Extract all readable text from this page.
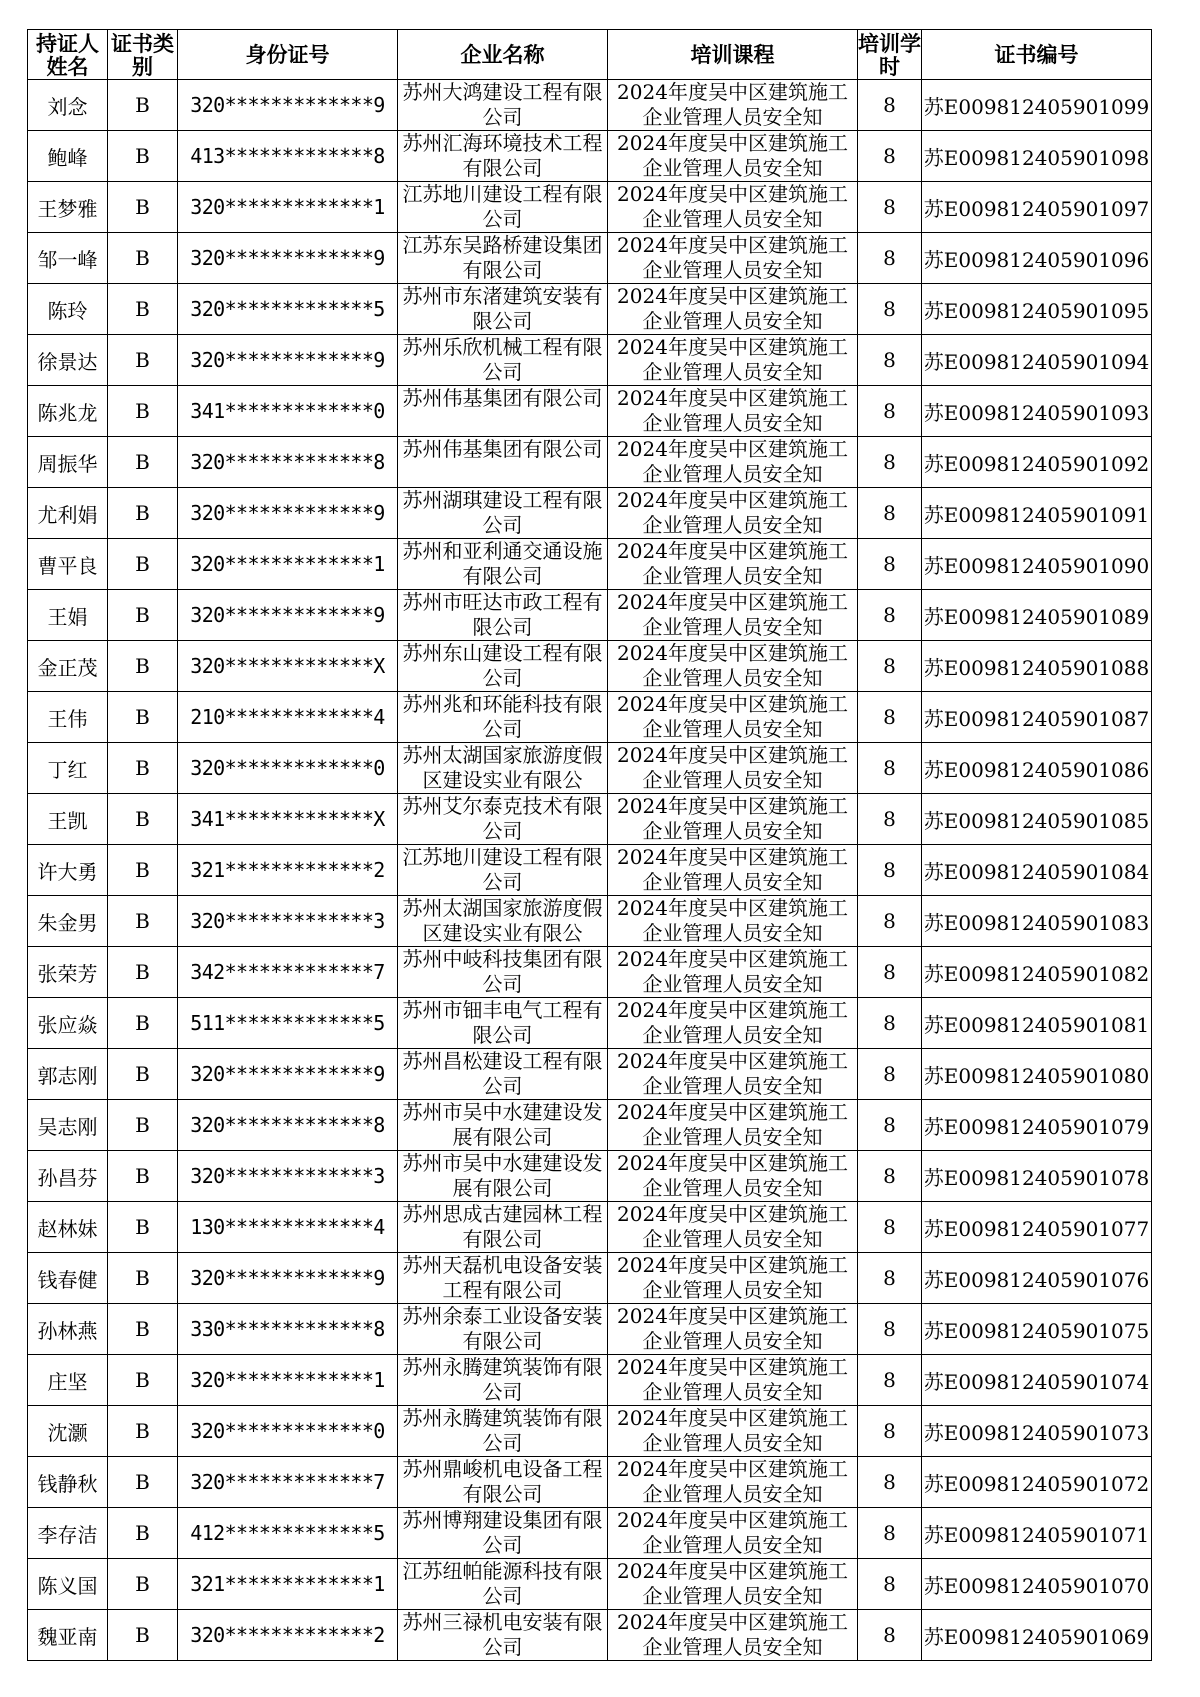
持证人姓名	证书类别	身份证号	企业名称	培训课程	培训学时	证书编号
刘念	B	320*************9	苏州大鸿建设工程有限公司	2024年度吴中区建筑施工企业管理人员安全知	8	苏E009812405901099
鲍峰	B	413*************8	苏州汇海环境技术工程有限公司	2024年度吴中区建筑施工企业管理人员安全知	8	苏E009812405901098
王梦雅	B	320*************1	江苏地川建设工程有限公司	2024年度吴中区建筑施工企业管理人员安全知	8	苏E009812405901097
邹一峰	B	320*************9	江苏东吴路桥建设集团有限公司	2024年度吴中区建筑施工企业管理人员安全知	8	苏E009812405901096
陈玲	B	320*************5	苏州市东渚建筑安装有限公司	2024年度吴中区建筑施工企业管理人员安全知	8	苏E009812405901095
徐景达	B	320*************9	苏州乐欣机械工程有限公司	2024年度吴中区建筑施工企业管理人员安全知	8	苏E009812405901094
陈兆龙	B	341*************0	苏州伟基集团有限公司	2024年度吴中区建筑施工企业管理人员安全知	8	苏E009812405901093
周振华	B	320*************8	苏州伟基集团有限公司	2024年度吴中区建筑施工企业管理人员安全知	8	苏E009812405901092
尤利娟	B	320*************9	苏州湖琪建设工程有限公司	2024年度吴中区建筑施工企业管理人员安全知	8	苏E009812405901091
曹平良	B	320*************1	苏州和亚利通交通设施有限公司	2024年度吴中区建筑施工企业管理人员安全知	8	苏E009812405901090
王娟	B	320*************9	苏州市旺达市政工程有限公司	2024年度吴中区建筑施工企业管理人员安全知	8	苏E009812405901089
金正茂	B	320*************X	苏州东山建设工程有限公司	2024年度吴中区建筑施工企业管理人员安全知	8	苏E009812405901088
王伟	B	210*************4	苏州兆和环能科技有限公司	2024年度吴中区建筑施工企业管理人员安全知	8	苏E009812405901087
丁红	B	320*************0	苏州太湖国家旅游度假区建设实业有限公	2024年度吴中区建筑施工企业管理人员安全知	8	苏E009812405901086
王凯	B	341*************X	苏州艾尔泰克技术有限公司	2024年度吴中区建筑施工企业管理人员安全知	8	苏E009812405901085
许大勇	B	321*************2	江苏地川建设工程有限公司	2024年度吴中区建筑施工企业管理人员安全知	8	苏E009812405901084
朱金男	B	320*************3	苏州太湖国家旅游度假区建设实业有限公	2024年度吴中区建筑施工企业管理人员安全知	8	苏E009812405901083
张荣芳	B	342*************7	苏州中岐科技集团有限公司	2024年度吴中区建筑施工企业管理人员安全知	8	苏E009812405901082
张应焱	B	511*************5	苏州市钿丰电气工程有限公司	2024年度吴中区建筑施工企业管理人员安全知	8	苏E009812405901081
郭志刚	B	320*************9	苏州昌松建设工程有限公司	2024年度吴中区建筑施工企业管理人员安全知	8	苏E009812405901080
吴志刚	B	320*************8	苏州市吴中水建建设发展有限公司	2024年度吴中区建筑施工企业管理人员安全知	8	苏E009812405901079
孙昌芬	B	320*************3	苏州市吴中水建建设发展有限公司	2024年度吴中区建筑施工企业管理人员安全知	8	苏E009812405901078
赵林妹	B	130*************4	苏州思成古建园林工程有限公司	2024年度吴中区建筑施工企业管理人员安全知	8	苏E009812405901077
钱春健	B	320*************9	苏州天磊机电设备安装工程有限公司	2024年度吴中区建筑施工企业管理人员安全知	8	苏E009812405901076
孙林燕	B	330*************8	苏州余泰工业设备安装有限公司	2024年度吴中区建筑施工企业管理人员安全知	8	苏E009812405901075
庄坚	B	320*************1	苏州永腾建筑装饰有限公司	2024年度吴中区建筑施工企业管理人员安全知	8	苏E009812405901074
沈灏	B	320*************0	苏州永腾建筑装饰有限公司	2024年度吴中区建筑施工企业管理人员安全知	8	苏E009812405901073
钱静秋	B	320*************7	苏州鼎峻机电设备工程有限公司	2024年度吴中区建筑施工企业管理人员安全知	8	苏E009812405901072
李存洁	B	412*************5	苏州博翔建设集团有限公司	2024年度吴中区建筑施工企业管理人员安全知	8	苏E009812405901071
陈义国	B	321*************1	江苏纽帕能源科技有限公司	2024年度吴中区建筑施工企业管理人员安全知	8	苏E009812405901070
魏亚南	B	320*************2	苏州三禄机电安装有限公司	2024年度吴中区建筑施工企业管理人员安全知	8	苏E009812405901069
